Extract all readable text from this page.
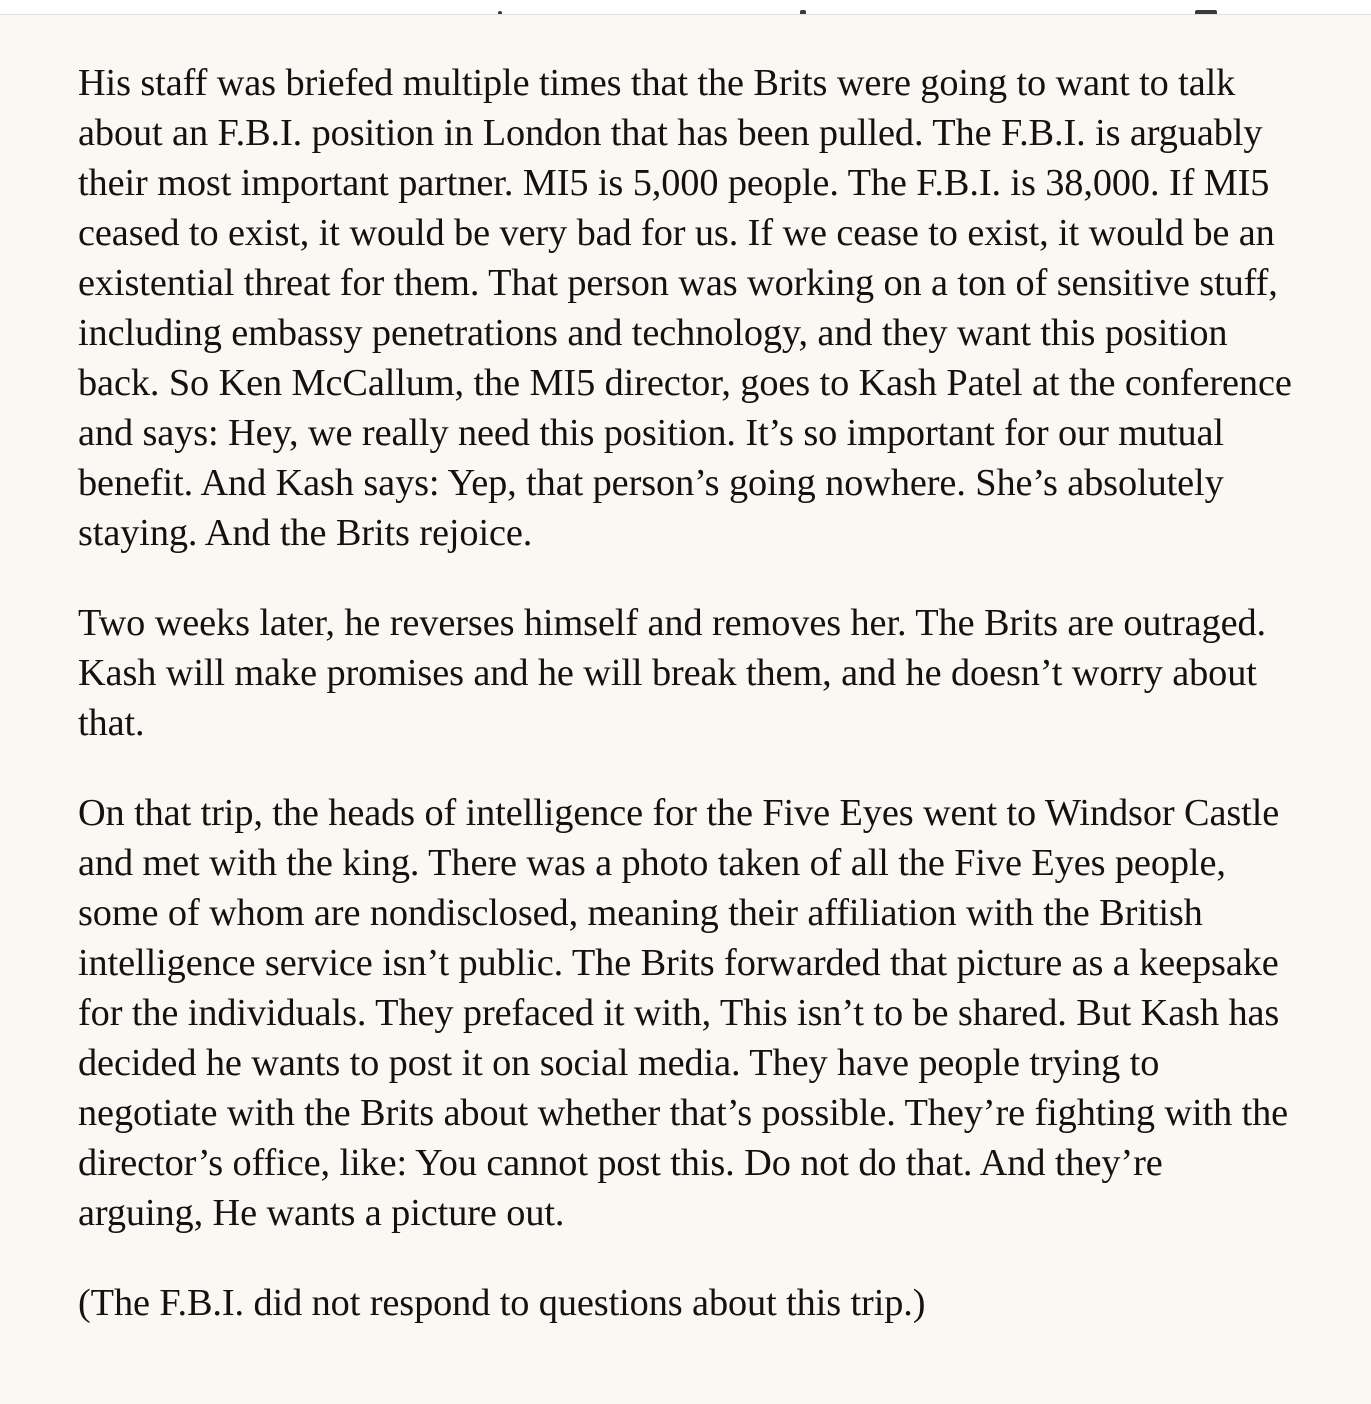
His staff was briefed multiple times that the Brits were going to want to talk about an F.B.I. position in London that has been pulled. The F.B.I. is arguably their most important partner. MI5 is 5,000 people. The F.B.I. is 38,000. If MI5 ceased to exist, it would be very bad for us. If we cease to exist, it would be an existential threat for them. That person was working on a ton of sensitive stuff, including embassy penetrations and technology, and they want this position back. So Ken McCallum, the MI5 director, goes to Kash Patel at the conference and says: Hey, we really need this position. It’s so important for our mutual benefit. And Kash says: Yep, that person’s going nowhere. She’s absolutely staying. And the Brits rejoice.

Two weeks later, he reverses himself and removes her. The Brits are outraged. Kash will make promises and he will break them, and he doesn’t worry about that.

On that trip, the heads of intelligence for the Five Eyes went to Windsor Castle and met with the king. There was a photo taken of all the Five Eyes people, some of whom are nondisclosed, meaning their affiliation with the British intelligence service isn’t public. The Brits forwarded that picture as a keepsake for the individuals. They prefaced it with, This isn’t to be shared. But Kash has decided he wants to post it on social media. They have people trying to negotiate with the Brits about whether that’s possible. They’re fighting with the director’s office, like: You cannot post this. Do not do that. And they’re arguing, He wants a picture out.

(The F.B.I. did not respond to questions about this trip.)
